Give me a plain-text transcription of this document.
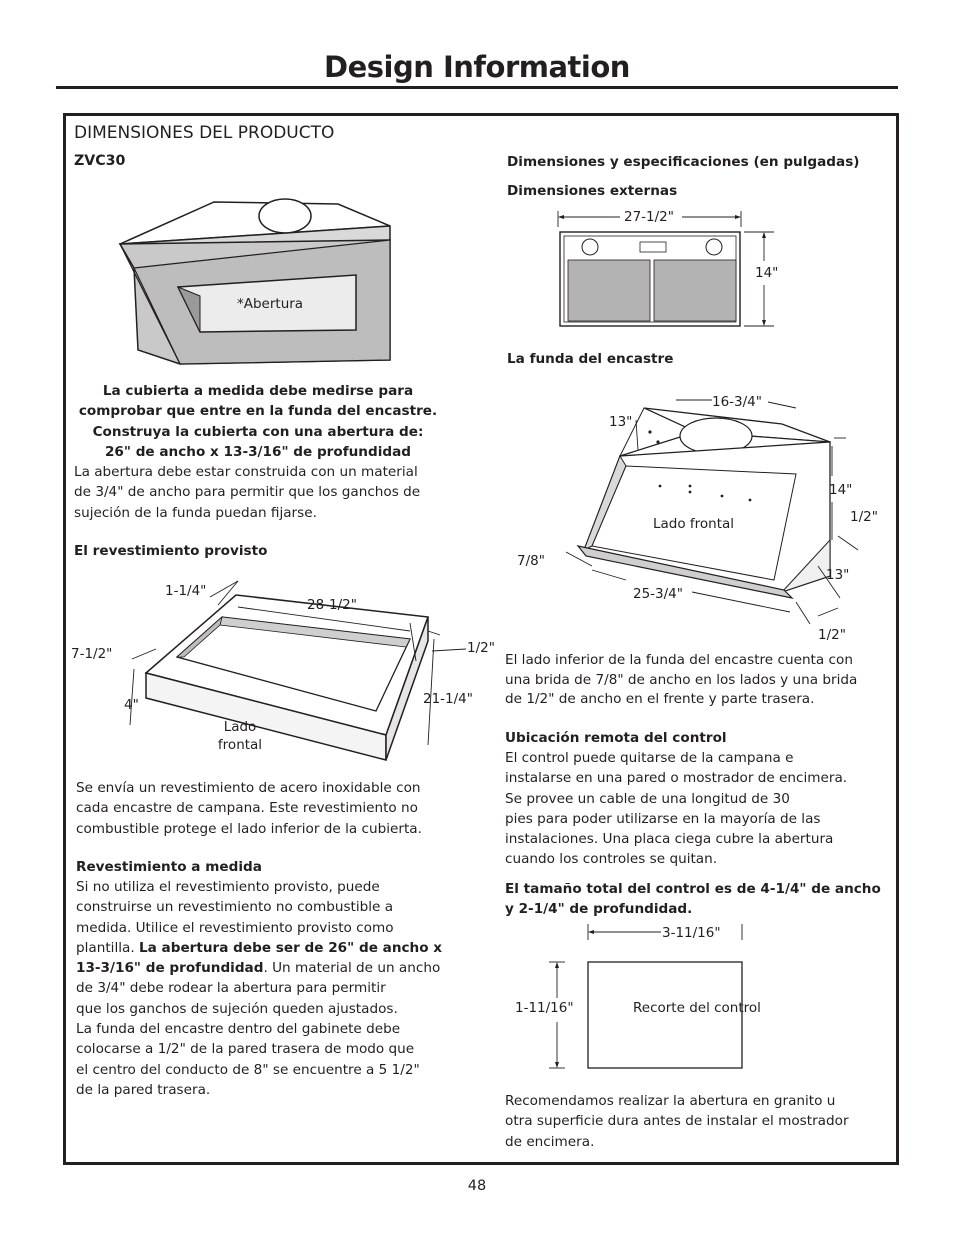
Design Information
DIMENSIONES DEL PRODUCTO
ZVC30
*Abertura
La cubierta a medida debe medirse para
comprobar que entre en la funda del encastre.
Construya la cubierta con una abertura de:
26" de ancho x 13-3/16" de profundidad
La abertura debe estar construida con un material
de 3/4" de ancho para permitir que los ganchos de
sujeción de la funda puedan fijarse.
El revestimiento provisto
1-1/4"
28-1/2"
7-1/2"	1/2"
4"	21-1/4"
Lado
frontal
Se envía un revestimiento de acero inoxidable con
cada encastre de campana. Este revestimiento no
combustible protege el lado inferior de la cubierta.
Revestimiento a medida
Si no utiliza el revestimiento provisto, puede
construirse un revestimiento no combustible a
medida. Utilice el revestimiento provisto como
plantilla. La abertura debe ser de 26" de ancho x
13-3/16" de profundidad. Un material de un ancho
de 3/4" debe rodear la abertura para permitir
que los ganchos de sujeción queden ajustados.
La funda del encastre dentro del gabinete debe
colocarse a 1/2" de la pared trasera de modo que
el centro del conducto de 8" se encuentre a 5 1/2"
de la pared trasera.
Dimensiones y especificaciones (en pulgadas)
Dimensiones externas
27-1/2"
14"
La funda del encastre
16-3/4"
13"
14"
1/2"
Lado frontal
7/8"
13"
25-3/4"
1/2"
El lado inferior de la funda del encastre cuenta con
una brida de 7/8" de ancho en los lados y una brida
de 1/2" de ancho en el frente y parte trasera.
Ubicación remota del control
El control puede quitarse de la campana e
instalarse en una pared o mostrador de encimera.
Se provee un cable de una longitud de 30
pies para poder utilizarse en la mayoría de las
instalaciones. Una placa ciega cubre la abertura
cuando los controles se quitan.
El tamaño total del control es de 4-1/4" de ancho
y 2-1/4" de profundidad.
3-11/16"
1-11/16"	Recorte del control
Recomendamos realizar la abertura en granito u
otra superficie dura antes de instalar el mostrador
de encimera.
48
